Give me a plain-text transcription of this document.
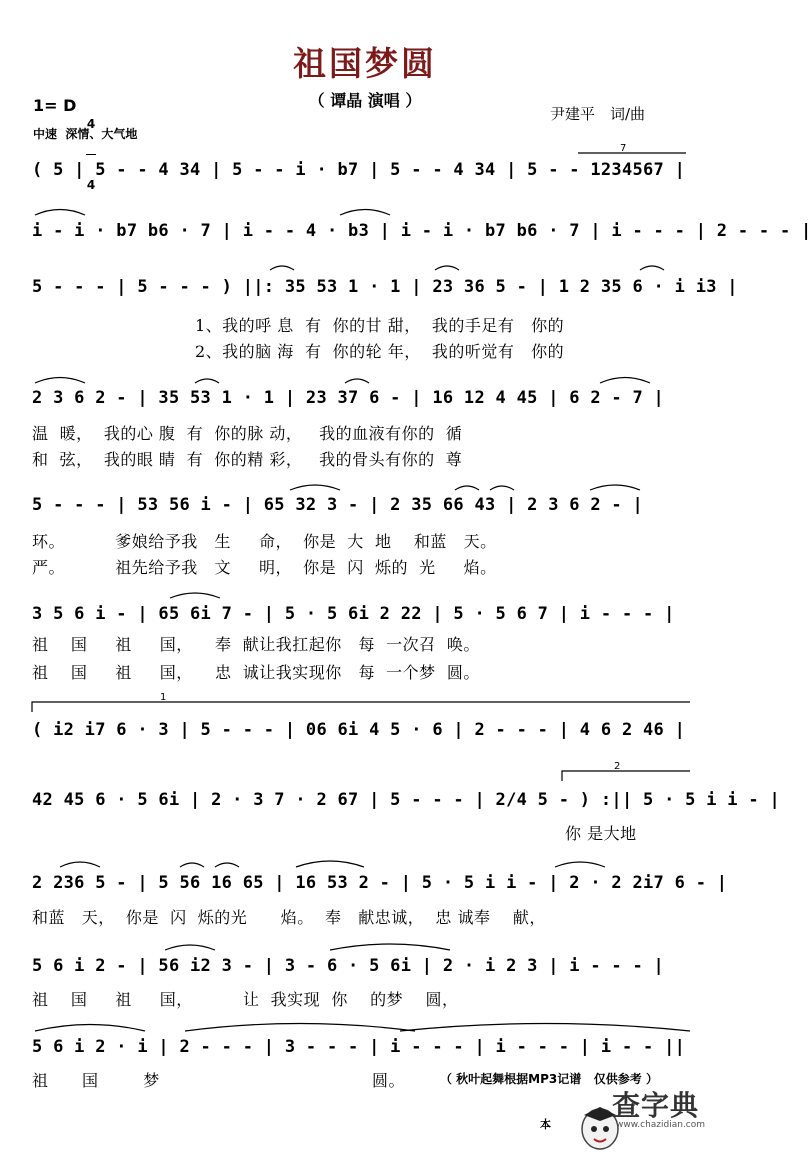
祖国梦圆
（ 谭晶 演唱 ）
尹建平　词/曲
1= D

4

4

中速  深情、大气地
( 5 | 5 - - 4 34 | 5 - - i · b7 | 5 - - 4 34 | 5 - - 1234567 |
i - i · b7 b6 · 7 | i - - 4 · b3 | i - i · b7 b6 · 7 | i - - - | 2 - - - |
5 - - - | 5 - - - ) ||: 35 53 1 · 1 | 23 36 5 - | 1 2 35 6 · i i3 |
1、我的呼 息  有  你的甘 甜，  我的手足有   你的
2、我的脑 海  有  你的轮 年，  我的听觉有   你的
2 3 6 2 - | 35 53 1 · 1 | 23 37 6 - | 16 12 4 45 | 6 2 - 7 |
温  暖，  我的心 腹  有  你的脉 动，   我的血液有你的  循
和  弦，  我的眼 睛  有  你的精 彩，   我的骨头有你的  尊
5 - - - | 53 56 i - | 65 32 3 - | 2 35 66 43 | 2 3 6 2 - |
环。         爹娘给予我   生     命，  你是  大  地    和蓝   天。
严。         祖先给予我   文     明，  你是  闪  烁的  光     焰。
3 5 6 i - | 65 6i 7 - | 5 · 5 6i 2 22 | 5 · 5 6 7 | i - - - |
祖    国     祖     国，    奉  献让我扛起你   每  一次召  唤。
祖    国     祖     国，    忠  诚让我实现你   每  一个梦  圆。
( i2 i7 6 · 3 | 5 - - - | 06 6i 4 5 · 6 | 2 - - - | 4 6 2 46 |
42 45 6 · 5 6i | 2 · 3 7 · 2 67 | 5 - - - | 2/4 5 - ) :|| 5 · 5 i i - |
你 是大地
2 236 5 - | 5 56 16 65 | 16 53 2 - | 5 · 5 i i - | 2 · 2 2i7 6 - |
和蓝   天，  你是  闪  烁的光      焰。  奉   献忠诚，  忠 诚奉    献，
5 6 i 2 - | 56 i2 3 - | 3 - 6 · 5 6i | 2 · i 2 3 | i - - - |
祖    国     祖     国，         让  我实现  你    的梦    圆，
5 6 i 2 · i | 2 - - - | 3 - - - | i - - - | i - - - | i - - ||
祖      国        梦                                      圆。	（ 秋叶起舞根据MP3记谱   仅供参考 ）
1
2
7

查字典
www.chazidian.com
本
